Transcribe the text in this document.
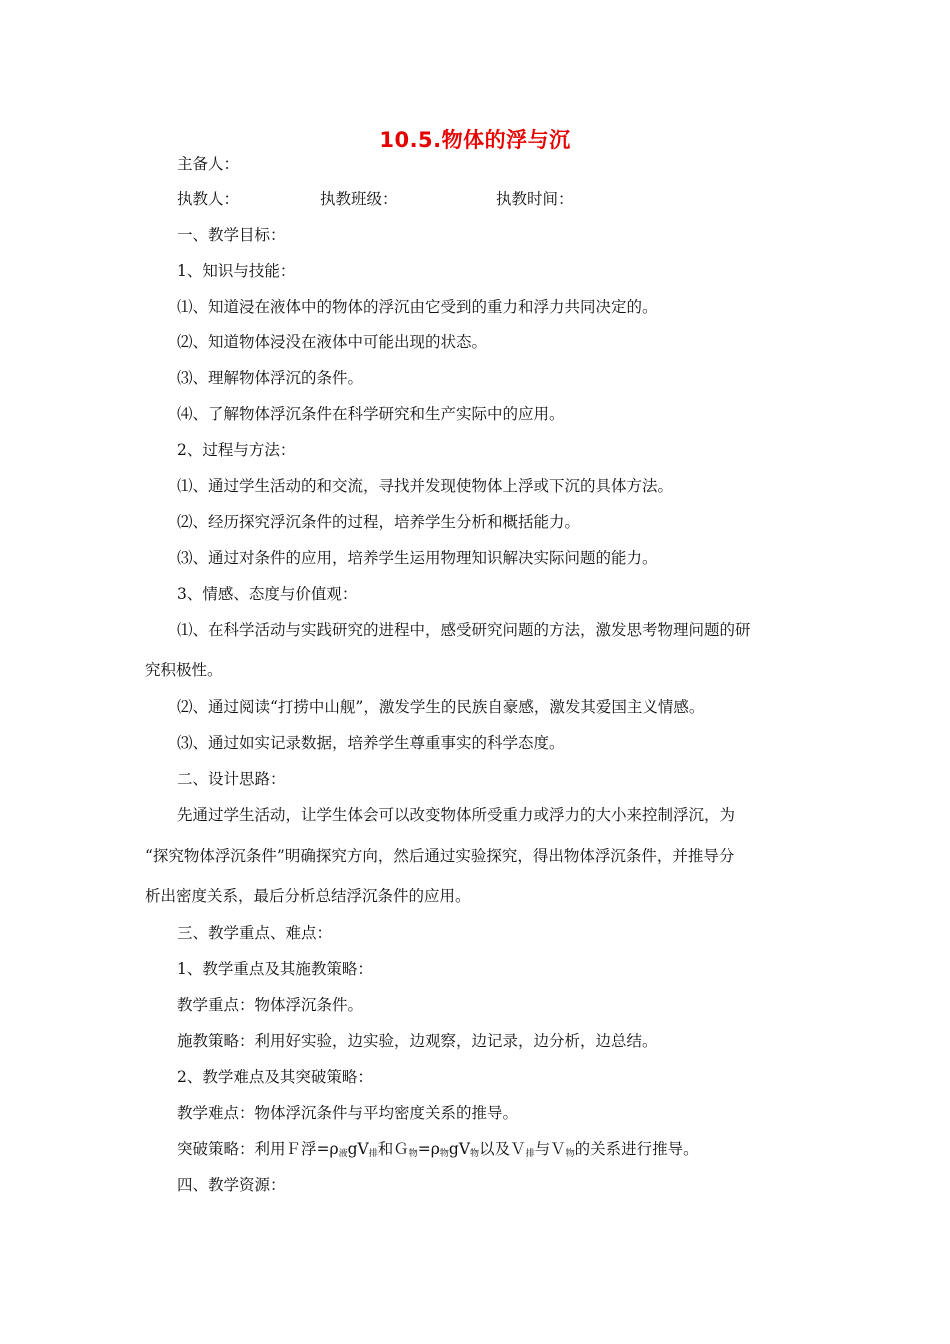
10.5.物体的浮与沉
主备人：
执教人：	执教班级：	执教时间：
一、教学目标：
1、知识与技能：
⑴、知道浸在液体中的物体的浮沉由它受到的重力和浮力共同决定的。
⑵、知道物体浸没在液体中可能出现的状态。
⑶、理解物体浮沉的条件。
⑷、了解物体浮沉条件在科学研究和生产实际中的应用。
2、过程与方法：
⑴、通过学生活动的和交流，寻找并发现使物体上浮或下沉的具体方法。
⑵、经历探究浮沉条件的过程，培养学生分析和概括能力。
⑶、通过对条件的应用，培养学生运用物理知识解决实际问题的能力。
3、情感、态度与价值观：
⑴、在科学活动与实践研究的进程中，感受研究问题的方法，激发思考物理问题的研
究积极性。
⑵、通过阅读“打捞中山舰”，激发学生的民族自豪感，激发其爱国主义情感。
⑶、通过如实记录数据，培养学生尊重事实的科学态度。
二、设计思路：
先通过学生活动，让学生体会可以改变物体所受重力或浮力的大小来控制浮沉，为
“探究物体浮沉条件”明确探究方向，然后通过实验探究，得出物体浮沉条件，并推导分
析出密度关系，最后分析总结浮沉条件的应用。
三、教学重点、难点：
1、教学重点及其施教策略：
教学重点：物体浮沉条件。
施教策略：利用好实验，边实验，边观察，边记录，边分析，边总结。
2、教学难点及其突破策略：
教学难点：物体浮沉条件与平均密度关系的推导。
突破策略：利用Ｆ浮$=\rho_液gV_排$和$G_物=\rho_物gV_物$以及Ｖ$_排$与Ｖ$_物$的关系进行推导。
四、教学资源：
